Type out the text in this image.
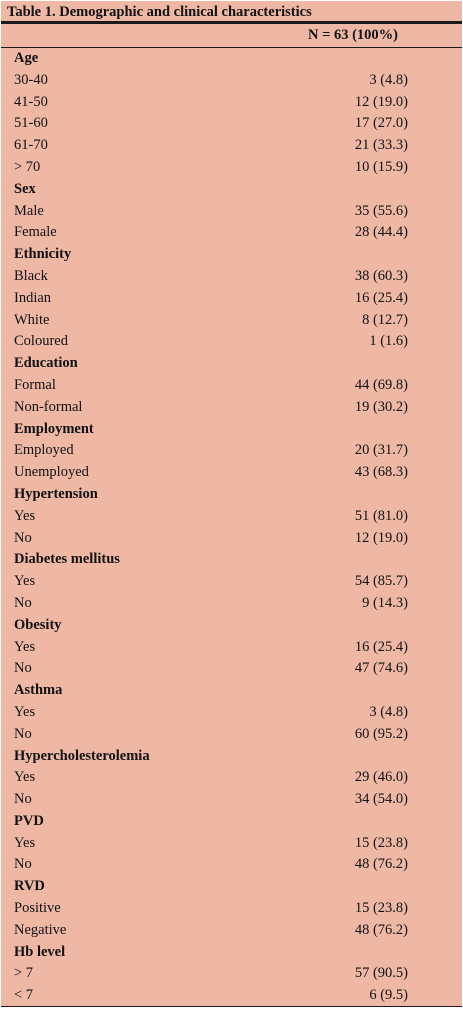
Table 1. Demographic and clinical characteristics
N = 63 (100%)
Age
30-40	3 (4.8)
41-50	12 (19.0)
51-60	17 (27.0)
61-70	21 (33.3)
> 70	10 (15.9)
Sex
Male	35 (55.6)
Female	28 (44.4)
Ethnicity
Black	38 (60.3)
Indian	16 (25.4)
White	8 (12.7)
Coloured	1 (1.6)
Education
Formal	44 (69.8)
Non-formal	19 (30.2)
Employment
Employed	20 (31.7)
Unemployed	43 (68.3)
Hypertension
Yes	51 (81.0)
No	12 (19.0)
Diabetes mellitus
Yes	54 (85.7)
No	9 (14.3)
Obesity
Yes	16 (25.4)
No	47 (74.6)
Asthma
Yes	3 (4.8)
No	60 (95.2)
Hypercholesterolemia
Yes	29 (46.0)
No	34 (54.0)
PVD
Yes	15 (23.8)
No	48 (76.2)
RVD
Positive	15 (23.8)
Negative	48 (76.2)
Hb level
> 7	57 (90.5)
< 7	6 (9.5)
